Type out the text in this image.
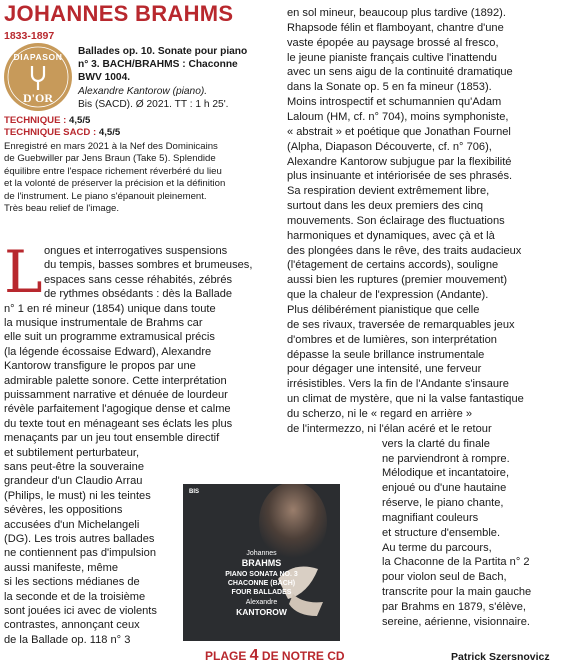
JOHANNES BRAHMS
1833-1897
DIAPASON
D'OR
Ballades op. 10. Sonate pour piano
n° 3. BACH/BRAHMS : Chaconne
BWV 1004.
Alexandre Kantorow (piano).
Bis (SACD). Ø 2021. TT : 1 h 25'.
TECHNIQUE : 4,5/5
TECHNIQUE SACD : 4,5/5
Enregistré en mars 2021 à la Nef des Dominicains
de Guebwiller par Jens Braun (Take 5). Splendide
équilibre entre l'espace richement réverbéré du lieu
et la volonté de préserver la précision et la définition
de l'instrument. Le piano s'épanouit pleinement.
Très beau relief de l'image.
L ongues et interrogatives suspensions
du tempis, basses sombres et brumeuses,
espaces sans cesse réhabités, zébrés
de rythmes obsédants : dès la Ballade
n° 1 en ré mineur (1854) unique dans toute
la musique instrumentale de Brahms car
elle suit un programme extramusical précis
(la légende écossaise Edward), Alexandre
Kantorow transfigure le propos par une
admirable palette sonore. Cette interprétation
puissamment narrative et dénuée de lourdeur
révèle parfaitement l'agogique dense et calme
du texte tout en ménageant ses éclats les plus
menaçants par un jeu tout ensemble directif
et subtilement perturbateur,
sans peut-être la souveraine
grandeur d'un Claudio Arrau
(Philips, le must) ni les teintes
sévères, les oppositions
accusées d'un Michelangeli
(DG). Les trois autres ballades
ne contiennent pas d'impulsion
aussi manifeste, même
si les sections médianes de
la seconde et de la troisième
sont jouées ici avec de violents
contrastes, annonçant ceux
de la Ballade op. 118 n° 3
en sol mineur, beaucoup plus tardive (1892).
Rhapsode félin et flamboyant, chantre d'une
vaste épopée au paysage brossé al fresco,
le jeune pianiste français cultive l'inattendu
avec un sens aigu de la continuité dramatique
dans la Sonate op. 5 en fa mineur (1853).
Moins introspectif et schumannien qu'Adam
Laloum (HM, cf. n° 704), moins symphoniste,
« abstrait » et poétique que Jonathan Fournel
(Alpha, Diapason Découverte, cf. n° 706),
Alexandre Kantorow subjugue par la flexibilité
plus insinuante et intériorisée de ses phrasés.
Sa respiration devient extrêmement libre,
surtout dans les deux premiers des cinq
mouvements. Son éclairage des fluctuations
harmoniques et dynamiques, avec çà et là
des plongées dans le rêve, des traits audacieux
(l'étagement de certains accords), souligne
aussi bien les ruptures (premier mouvement)
que la chaleur de l'expression (Andante).
Plus délibérément pianistique que celle
de ses rivaux, traversée de remarquables jeux
d'ombres et de lumières, son interprétation
dépasse la seule brillance instrumentale
pour dégager une intensité, une ferveur
irrésistibles. Vers la fin de l'Andante s'insaure
un climat de mystère, que ni la valse fantastique
du scherzo, ni le « regard en arrière »
de l'intermezzo, ni l'élan acéré et le retour
vers la clarté du finale
ne parviendront à rompre.
Mélodique et incantatoire,
enjoué ou d'une hautaine
réserve, le piano chante,
magnifiant couleurs
et structure d'ensemble.
Au terme du parcours,
la Chaconne de la Partita n° 2
pour violon seul de Bach,
transcrite pour la main gauche
par Brahms en 1879, s'élève,
sereine, aérienne, visionnaire.
BIS
Johannes
BRAHMS
PIANO SONATA NO. 3
CHACONNE (BACH)
FOUR BALLADES
Alexandre
KANTOROW
PLAGE 4 DE NOTRE CD	Patrick Szersnovicz
